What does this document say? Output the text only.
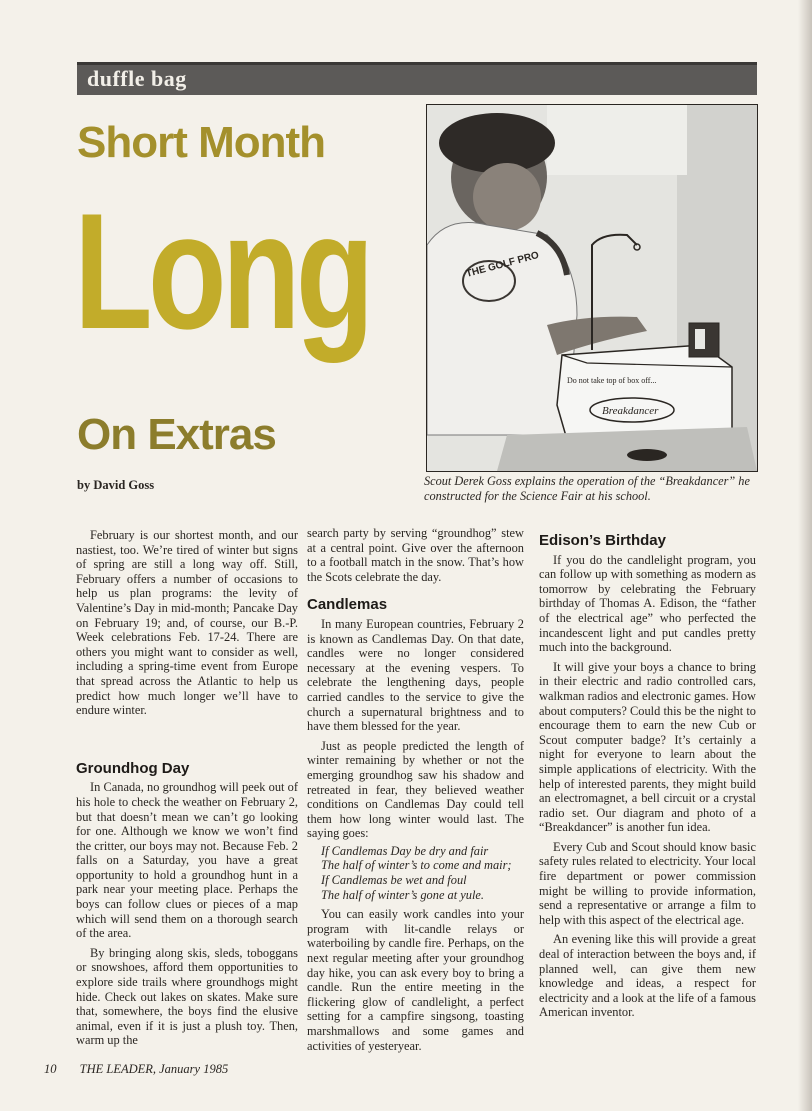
duffle bag
Short Month
Long
On Extras
by David Goss
THE GOLF PRO
Do not take top of box off...
Breakdancer
Scout Derek Goss explains the operation of the “Breakdancer” he constructed for the Science Fair at his school.

February is our shortest month, and our nastiest, too. We’re tired of winter but signs of spring are still a long way off. Still, February offers a number of occasions to help us plan programs: the levity of Valentine’s Day in mid-month; Pancake Day on February 19; and, of course, our B.-P. Week celebrations Feb. 17-24. There are others you might want to consider as well, including a spring-time event from Europe that spread across the Atlantic to help us predict how much longer we’ll have to endure winter.

Groundhog Day

In Canada, no groundhog will peek out of his hole to check the weather on February 2, but that doesn’t mean we can’t go looking for one. Although we know we won’t find the critter, our boys may not. Because Feb. 2 falls on a Saturday, you have a great opportunity to hold a groundhog hunt in a park near your meeting place. Perhaps the boys can follow clues or pieces of a map which will send them on a thorough search of the area.

By bringing along skis, sleds, toboggans or snowshoes, afford them opportunities to explore side trails where groundhogs might hide. Check out lakes on skates. Make sure that, somewhere, the boys find the elusive animal, even if it is just a plush toy. Then, warm up the

search party by serving “groundhog” stew at a central point. Give over the afternoon to a football match in the snow. That’s how the Scots celebrate the day.

Candlemas

In many European countries, February 2 is known as Candlemas Day. On that date, candles were no longer considered necessary at the evening vespers. To celebrate the lengthening days, people carried candles to the service to give the church a supernatural brightness and to have them blessed for the year.

Just as people predicted the length of winter remaining by whether or not the emerging groundhog saw his shadow and retreated in fear, they believed weather conditions on Candlemas Day could tell them how long winter would last. The saying goes:

If Candlemas Day be dry and fair
The half of winter’s to come and mair;
If Candlemas be wet and foul
The half of winter’s gone at yule.

You can easily work candles into your program with lit-candle relays or waterboiling by candle fire. Perhaps, on the next regular meeting after your groundhog day hike, you can ask every boy to bring a candle. Run the entire meeting in the flickering glow of candlelight, a perfect setting for a campfire singsong, toasting marshmallows and some games and activities of yesteryear.

Edison’s Birthday

If you do the candlelight program, you can follow up with something as modern as tomorrow by celebrating the February birthday of Thomas A. Edison, the “father of the electrical age” who perfected the incandescent light and put candles pretty much into the background.

It will give your boys a chance to bring in their electric and radio controlled cars, walkman radios and electronic games. How about computers? Could this be the night to encourage them to earn the new Cub or Scout computer badge? It’s certainly a night for everyone to learn about the simple applications of electricity. With the help of interested parents, they might build an electromagnet, a bell circuit or a crystal radio set. Our diagram and photo of a “Breakdancer” is another fun idea.

Every Cub and Scout should know basic safety rules related to electricity. Your local fire department or power commission might be willing to provide information, send a representative or arrange a film to help with this aspect of the electrical age.

An evening like this will provide a great deal of interaction between the boys and, if planned well, can give them new knowledge and ideas, a respect for electricity and a look at the life of a famous American inventor.

10 THE LEADER, January 1985
